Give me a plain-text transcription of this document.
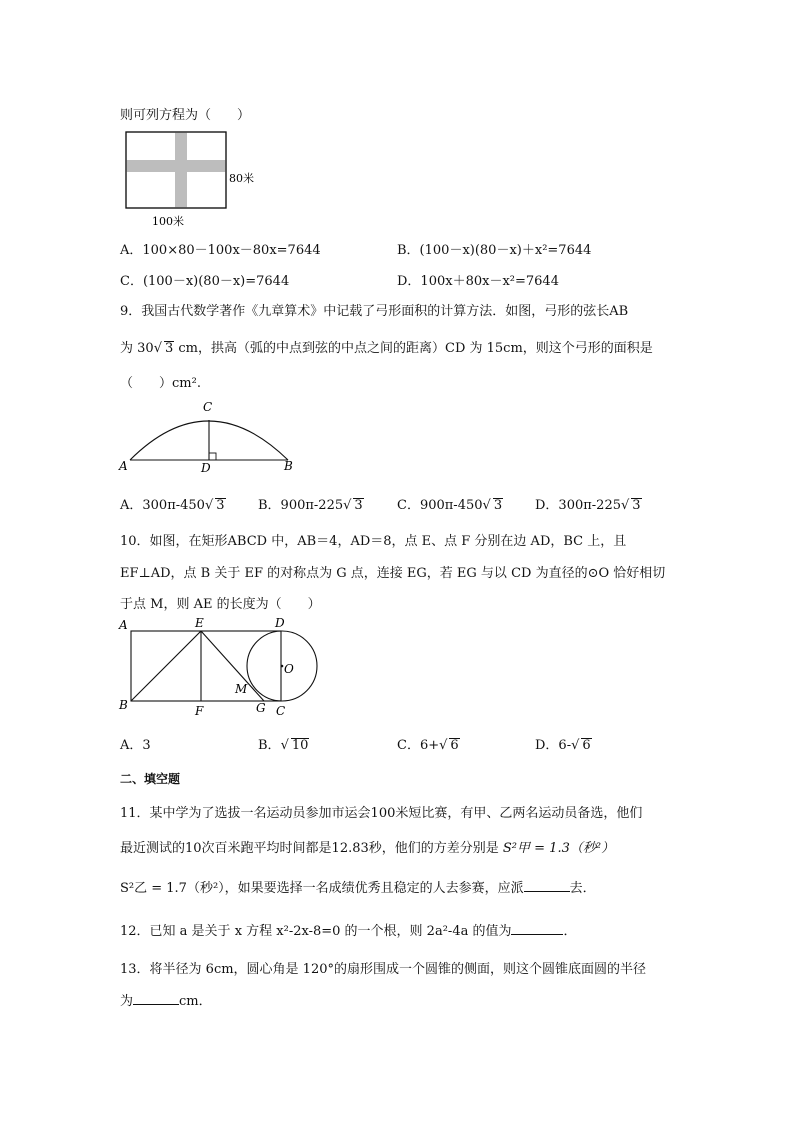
则可列方程为（　　）
80米
100米
A．100×80－100x－80x=7644	B．(100－x)(80－x)＋x²=7644
C．(100－x)(80－x)=7644	D．100x＋80x－x²=7644
9．我国古代数学著作《九章算术》中记载了弓形面积的计算方法．如图，弓形的弦长AB
为 30√ 3 cm，拱高（弧的中点到弦的中点之间的距离）CD 为 15cm，则这个弓形的面积是
（　　）cm².
C
A	D	B
A．300π-450√ 3	B．900π-225√ 3	C．900π-450√ 3	D．300π-225√ 3
10．如图，在矩形ABCD 中，AB＝4，AD＝8，点 E、点 F 分别在边 AD，BC 上，且
EF⊥AD，点 B 关于 EF 的对称点为 G 点，连接 EG，若 EG 与以 CD 为直径的⊙O 恰好相切
于点 M，则 AE 的长度为（　　）
A	E	D
O
M
B	F	G C
A．3	B．√ 10	C．6+√ 6	D．6-√ 6
二、填空题
11．某中学为了选拔一名运动员参加市运会100米短比赛，有甲、乙两名运动员备选，他们
最近测试的10次百米跑平均时间都是12.83秒，他们的方差分别是 S²甲 = 1.3（秒²）
S²乙 = 1.7（秒²），如果要选择一名成绩优秀且稳定的人去参赛，应派	去．
12．已知 a 是关于 x 方程 x²-2x-8=0 的一个根，则 2a²-4a 的值为	．
13．将半径为 6cm，圆心角是 120°的扇形围成一个圆锥的侧面，则这个圆锥底面圆的半径
为	cm．
